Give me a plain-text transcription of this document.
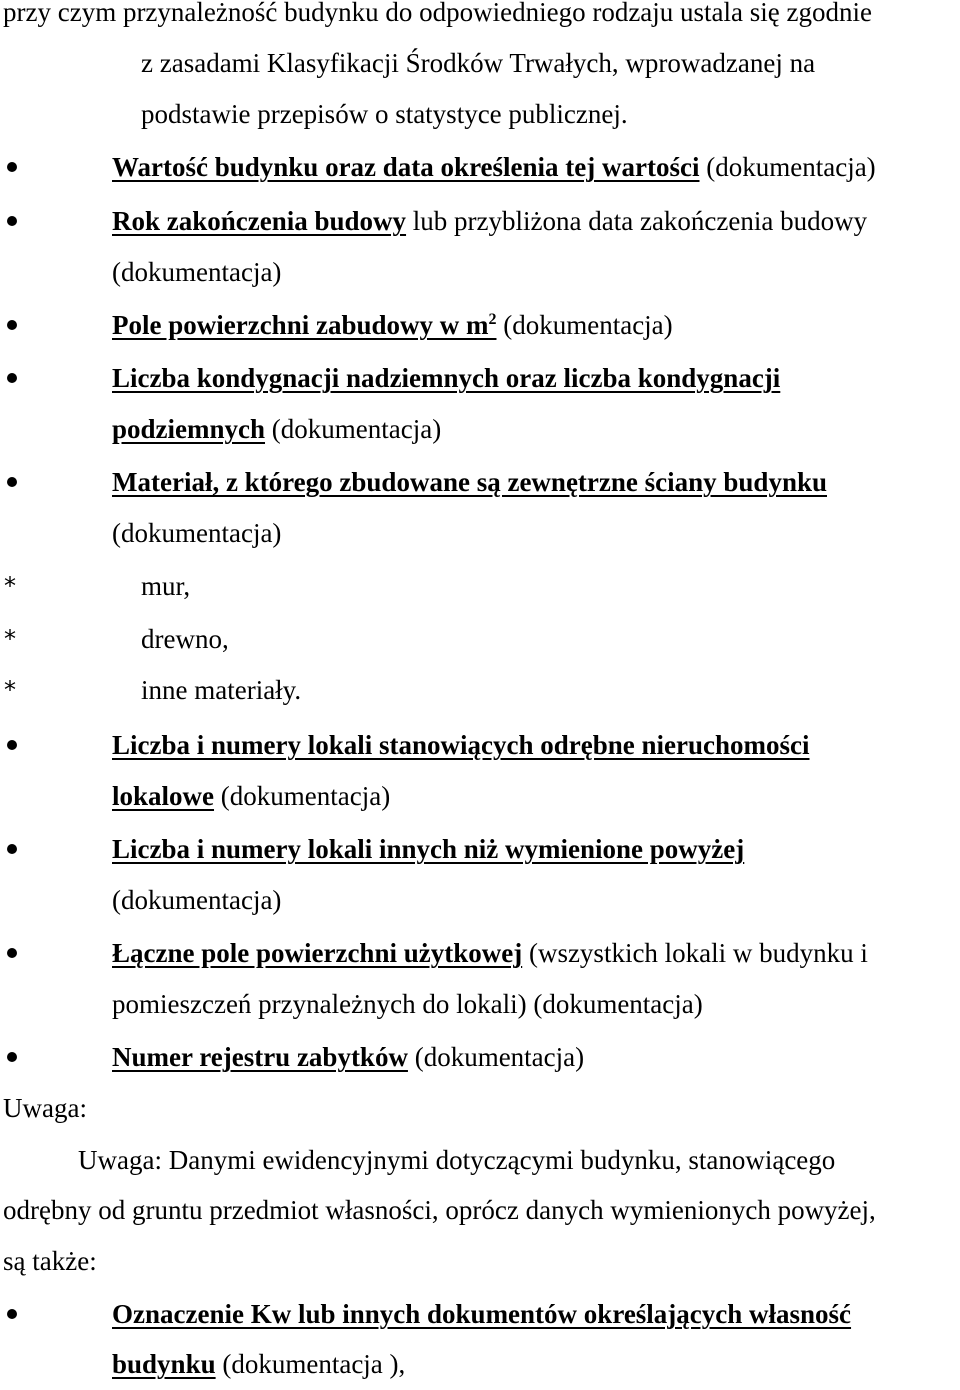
przy czym przynależność budynku do odpowiedniego rodzaju ustala się zgodnie
z zasadami Klasyfikacji Środków Trwałych, wprowadzanej na
podstawie przepisów o statystyce publicznej.
Wartość budynku oraz data określenia tej wartości (dokumentacja)
Rok zakończenia budowy lub przybliżona data zakończenia budowy
(dokumentacja)
Pole powierzchni zabudowy w $m^2$ (dokumentacja)
Liczba kondygnacji nadziemnych oraz liczba kondygnacji
podziemnych (dokumentacja)
Materiał, z którego zbudowane są zewnętrzne ściany budynku
(dokumentacja)
*	mur,
*	drewno,
*	inne materiały.
Liczba i numery lokali stanowiących odrębne nieruchomości
lokalowe (dokumentacja)
Liczba i numery lokali innych niż wymienione powyżej
(dokumentacja)
Łączne pole powierzchni użytkowej (wszystkich lokali w budynku i
pomieszczeń przynależnych do lokali) (dokumentacja)
Numer rejestru zabytków (dokumentacja)
Uwaga:
Uwaga: Danymi ewidencyjnymi dotyczącymi budynku, stanowiącego
odrębny od gruntu przedmiot własności, oprócz danych wymienionych powyżej,
są także:
Oznaczenie Kw lub innych dokumentów określających własność
budynku (dokumentacja ),
